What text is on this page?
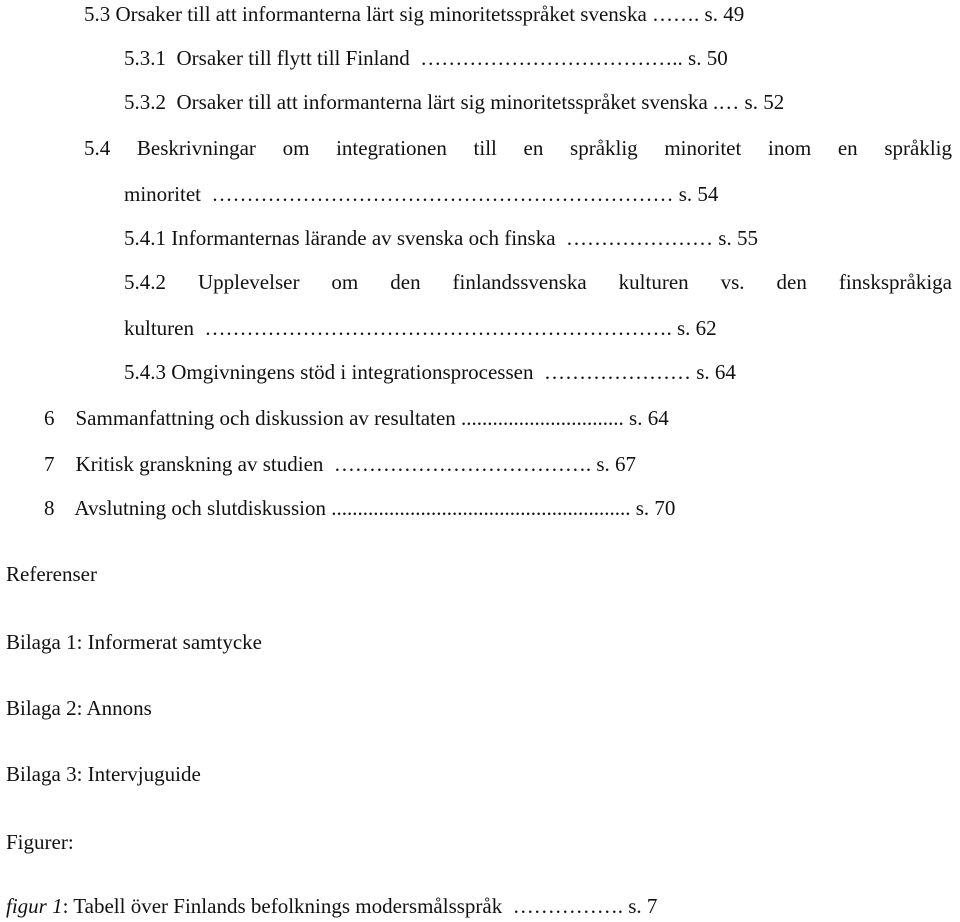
5.3 Orsaker till att informanterna lärt sig minoritetsspråket svenska ……. s. 49
5.3.1  Orsaker till flytt till Finland  ……………………………….. s. 50
5.3.2  Orsaker till att informanterna lärt sig minoritetsspråket svenska .… s. 52
5.4 Beskrivningar om integrationen till en språklig minoritet inom en språklig
minoritet  ………………………………………………………… s. 54
5.4.1 Informanternas lärande av svenska och finska  ………………… s. 55
5.4.2 Upplevelser om den finlandssvenska kulturen vs. den finskspråkiga
kulturen  …………………………………………………………. s. 62
5.4.3 Omgivningens stöd i integrationsprocessen  ………………… s. 64
6    Sammanfattning och diskussion av resultaten ............................... s. 64
7    Kritisk granskning av studien  ………………………………. s. 67
8    Avslutning och slutdiskussion ......................................................... s. 70
Referenser
Bilaga 1: Informerat samtycke
Bilaga 2: Annons
Bilaga 3: Intervjuguide
Figurer:
figur 1: Tabell över Finlands befolknings modersmålsspråk  ……………. s. 7
